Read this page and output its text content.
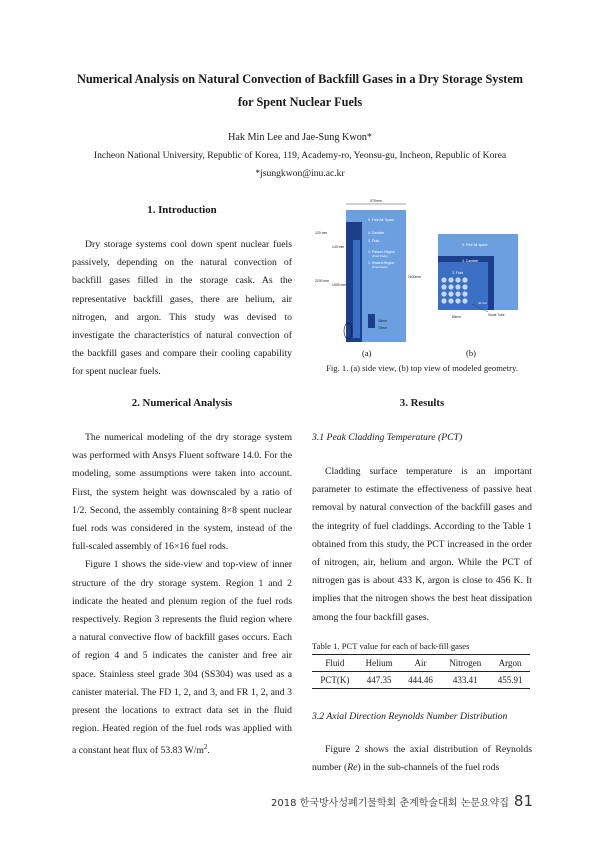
Numerical Analysis on Natural Convection of Backfill Gases in a Dry Storage System
for Spent Nuclear Fuels
Hak Min Lee and Jae-Sung Kwon*
Incheon National University, Republic of Korea, 119, Academy-ro, Yeonsu-gu, Incheon, Republic of Korea
*jsungkwon@inu.ac.kr
1. Introduction

Dry storage systems cool down spent nuclear fuels passively, depending on the natural convection of backfill gases filled in the storage cask. As the representative backfill gases, there are helium, air nitrogen, and argon. This study was devised to investigate the characteristics of natural convection of the backfill gases and compare their cooling capability for spent nuclear fuels.

2. Numerical Analysis

The numerical modeling of the dry storage system was performed with Ansys Fluent software 14.0. For the modeling, some assumptions were taken into account. First, the system height was downscaled by a ratio of 1/2. Second, the assembly containing 8×8 spent nuclear fuel rods was considered in the system, instead of the full-scaled assembly of 16×16 fuel rods.

Figure 1 shows the side-view and top-view of inner structure of the dry storage system. Region 1 and 2 indicate the heated and plenum region of the fuel rods respectively. Region 3 represents the fluid region where a natural convective flow of backfill gases occurs. Each of region 4 and 5 indicates the canister and free air space. Stainless steel grade 304 (SS304) was used as a canister material. The FD 1, 2, and 3, and FR 1, 2, and 3 present the locations to extract data set in the fluid region. Heated region of the fuel rods was applied with a constant heat flux of 53.83 $W/m^2$.

570mm
5. Free Air Space
4. Canister
3. Fluid
2. Plenum Region
(Fuel Rods)
1. Heated Region
(Fuel Rods)
120 mm
143 mm
2190 mm
1005 mm
2600mm
40mm
70mm
5. Free Air space
4. Canister
3. Fluid
80mm
40 mm
Guide Tube
(a)	(b)
Fig. 1. (a) side view, (b) top view of modeled geometry.
3. Results
3.1 Peak Cladding Temperature (PCT)

Cladding surface temperature is an important parameter to estimate the effectiveness of passive heat removal by natural convection of the backfill gases and the integrity of fuel claddings. According to the Table 1 obtained from this study, the PCT increased in the order of nitrogen, air, helium and argon. While the PCT of nitrogen gas is about 433 K, argon is close to 456 K. It implies that the nitrogen shows the best heat dissipation among the four backfill gases.

Table 1. PCT value for each of back-fill gases
Fluid	Helium	Air	Nitrogen	Argon
PCT(K)	447.35	444.46	433.41	455.91
3.2 Axial Direction Reynolds Number Distribution

Figure 2 shows the axial distribution of Reynolds number (Re) in the sub-channels of the fuel rods

2018 한국방사성폐기물학회 춘계학술대회 논문요약집 81
